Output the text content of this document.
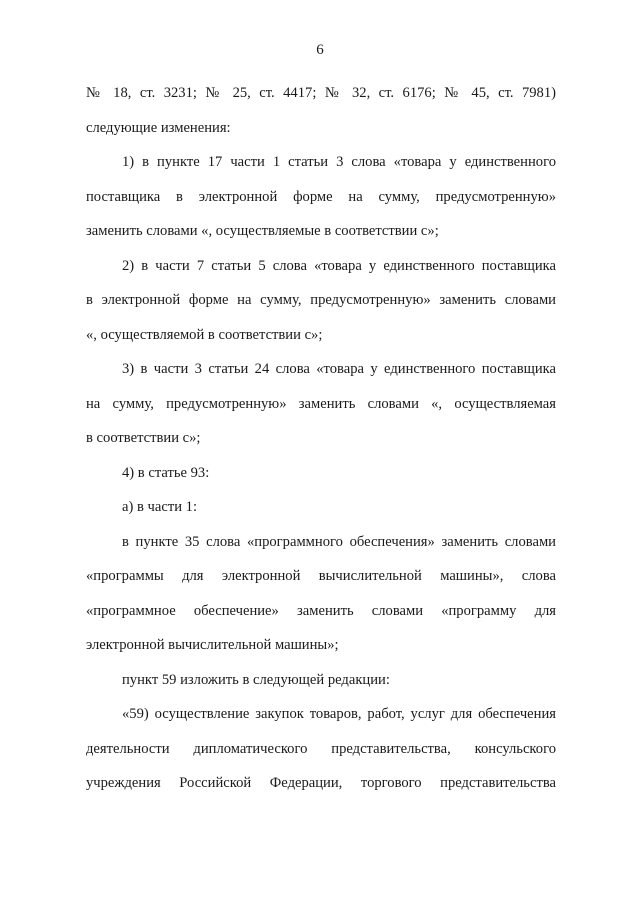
6
№ 18, ст. 3231; № 25, ст. 4417; № 32, ст. 6176; № 45, ст. 7981)
следующие изменения:
1) в пункте 17 части 1 статьи 3 слова «товара у единственного
поставщика в электронной форме на сумму, предусмотренную»
заменить словами «, осуществляемые в соответствии с»;
2) в части 7 статьи 5 слова «товара у единственного поставщика
в электронной форме на сумму, предусмотренную» заменить словами
«, осуществляемой в соответствии с»;
3) в части 3 статьи 24 слова «товара у единственного поставщика
на сумму, предусмотренную» заменить словами «, осуществляемая
в соответствии с»;
4) в статье 93:
а) в части 1:
в пункте 35 слова «программного обеспечения» заменить словами
«программы для электронной вычислительной машины», слова
«программное обеспечение» заменить словами «программу для
электронной вычислительной машины»;
пункт 59 изложить в следующей редакции:
«59) осуществление закупок товаров, работ, услуг для обеспечения
деятельности дипломатического представительства, консульского
учреждения Российской Федерации, торгового представительства
